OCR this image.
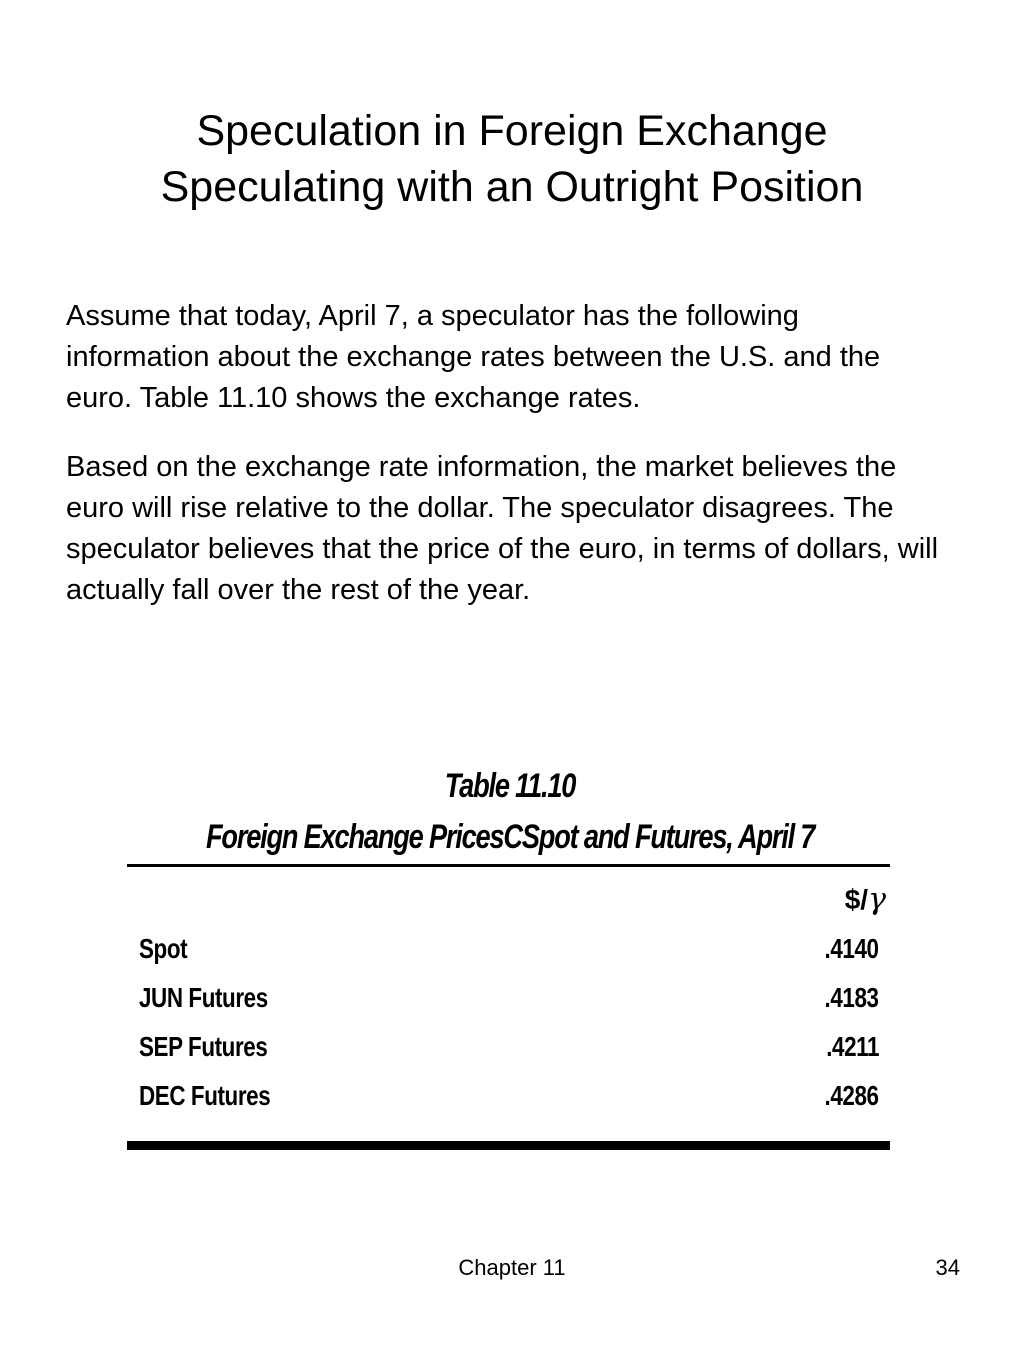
Speculation in Foreign Exchange
Speculating with an Outright Position

Assume that today, April 7, a speculator has the following information about the exchange rates between the U.S. and the euro. Table 11.10 shows the exchange rates.

Based on the exchange rate information, the market believes the euro will rise relative to the dollar. The speculator disagrees. The speculator believes that the price of the euro, in terms of dollars, will actually fall over the rest of the year.

Table 11.10
Foreign Exchange PricesCSpot and Futures, April 7
$/γ
Spot	.4140
JUN Futures	.4183
SEP Futures	.4211
DEC Futures	.4286
Chapter 11	34
